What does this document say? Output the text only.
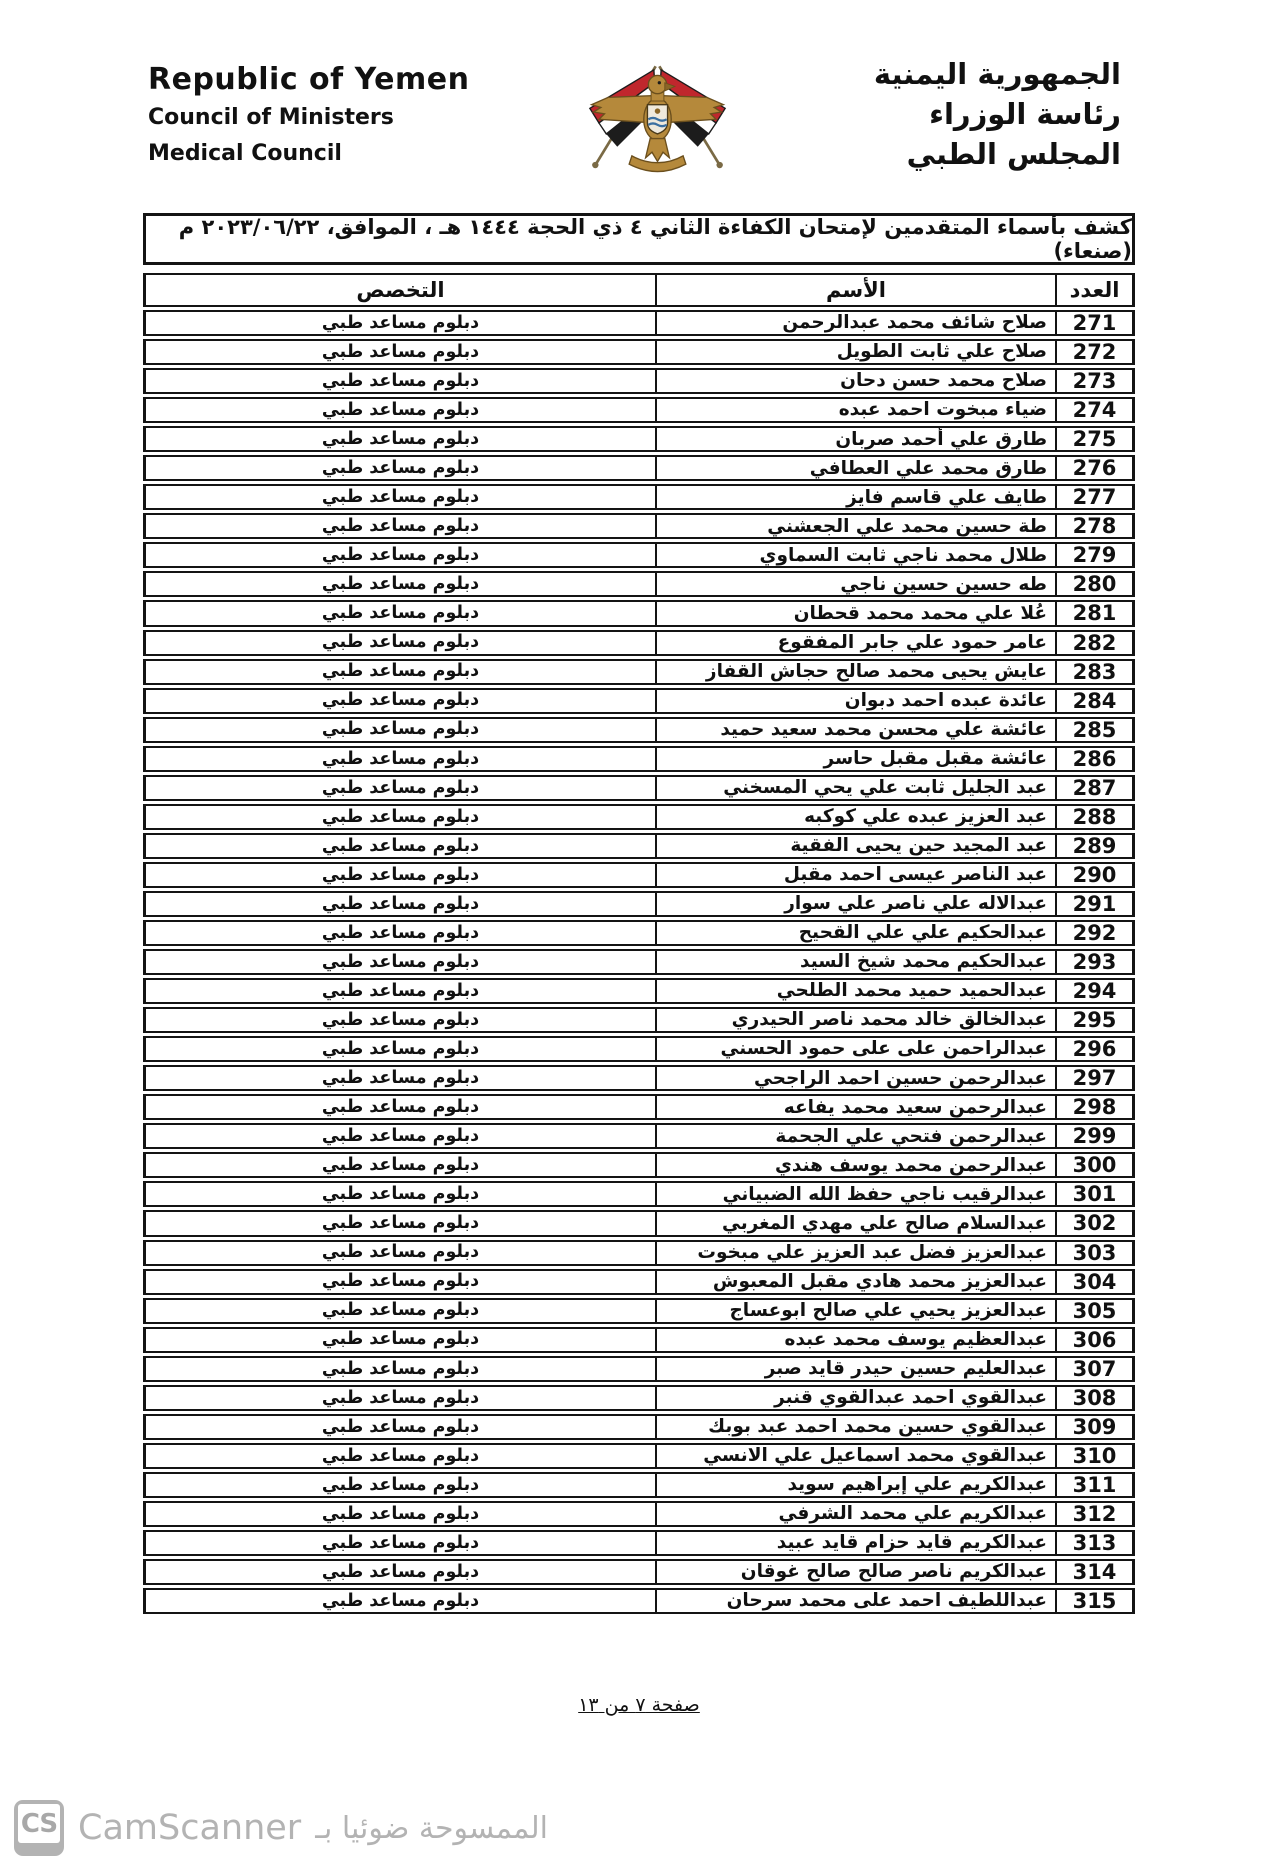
Republic of Yemen
Council of Ministers
Medical Council
الجمهورية اليمنية
رئاسة الوزراء
المجلس الطبي
كشف بأسماء المتقدمين لإمتحان الكفاءة الثاني ٤ ذي الحجة ١٤٤٤ هـ ، الموافق، ٢٠٢٣/٠٦/٢٢ م (صنعاء)
العدد	الأسم	التخصص
271	صلاح شائف محمد عبدالرحمن	دبلوم مساعد طبي
272	صلاح علي ثابت الطويل	دبلوم مساعد طبي
273	صلاح محمد حسن دحان	دبلوم مساعد طبي
274	ضياء مبخوت احمد عبده	دبلوم مساعد طبي
275	طارق علي أحمد صربان	دبلوم مساعد طبي
276	طارق محمد علي العطافي	دبلوم مساعد طبي
277	طايف علي قاسم فايز	دبلوم مساعد طبي
278	طة حسين محمد علي الجعشني	دبلوم مساعد طبي
279	طلال محمد ناجي ثابت السماوي	دبلوم مساعد طبي
280	طه حسين حسين ناجي	دبلوم مساعد طبي
281	عُلا علي محمد محمد قحطان	دبلوم مساعد طبي
282	عامر حمود علي جابر المفقوع	دبلوم مساعد طبي
283	عايش يحيى محمد صالح حجاش القفاز	دبلوم مساعد طبي
284	عائدة عبده احمد دبوان	دبلوم مساعد طبي
285	عائشة علي محسن محمد سعيد حميد	دبلوم مساعد طبي
286	عائشة مقبل مقبل حاسر	دبلوم مساعد طبي
287	عبد الجليل ثابت علي يحي المسخني	دبلوم مساعد طبي
288	عبد العزيز عبده علي كوكبه	دبلوم مساعد طبي
289	عبد المجيد حين يحيى الفقية	دبلوم مساعد طبي
290	عبد الناصر عيسى احمد مقبل	دبلوم مساعد طبي
291	عبدالاله علي ناصر علي سوار	دبلوم مساعد طبي
292	عبدالحكيم علي علي القحيح	دبلوم مساعد طبي
293	عبدالحكيم محمد شيخ السيد	دبلوم مساعد طبي
294	عبدالحميد حميد محمد الطلحي	دبلوم مساعد طبي
295	عبدالخالق خالد محمد ناصر الحيدري	دبلوم مساعد طبي
296	عبدالراحمن على على حمود الحسني	دبلوم مساعد طبي
297	عبدالرحمن حسين احمد الراجحي	دبلوم مساعد طبي
298	عبدالرحمن سعيد محمد يفاعه	دبلوم مساعد طبي
299	عبدالرحمن فتحي علي الجحمة	دبلوم مساعد طبي
300	عبدالرحمن محمد يوسف هندي	دبلوم مساعد طبي
301	عبدالرقيب ناجي حفظ الله الضبياني	دبلوم مساعد طبي
302	عبدالسلام صالح علي مهدي المغربي	دبلوم مساعد طبي
303	عبدالعزيز فضل عبد العزيز علي مبخوت	دبلوم مساعد طبي
304	عبدالعزيز محمد هادي مقبل المعبوش	دبلوم مساعد طبي
305	عبدالعزيز يحيي علي صالح ابوعساج	دبلوم مساعد طبي
306	عبدالعظيم يوسف محمد عبده	دبلوم مساعد طبي
307	عبدالعليم حسين حيدر قايد صبر	دبلوم مساعد طبي
308	عبدالقوي احمد عبدالقوي قنبر	دبلوم مساعد طبي
309	عبدالقوي حسين محمد احمد عبد بوبك	دبلوم مساعد طبي
310	عبدالقوي محمد اسماعيل علي الانسي	دبلوم مساعد طبي
311	عبدالكريم علي إبراهيم سويد	دبلوم مساعد طبي
312	عبدالكريم علي محمد الشرفي	دبلوم مساعد طبي
313	عبدالكريم قايد حزام قايد عبيد	دبلوم مساعد طبي
314	عبدالكريم ناصر صالح صالح غوقان	دبلوم مساعد طبي
315	عبداللطيف احمد على محمد سرحان	دبلوم مساعد طبي
صفحة ٧ من ١٣
CS CamScanner الممسوحة ضوئيا بـ
